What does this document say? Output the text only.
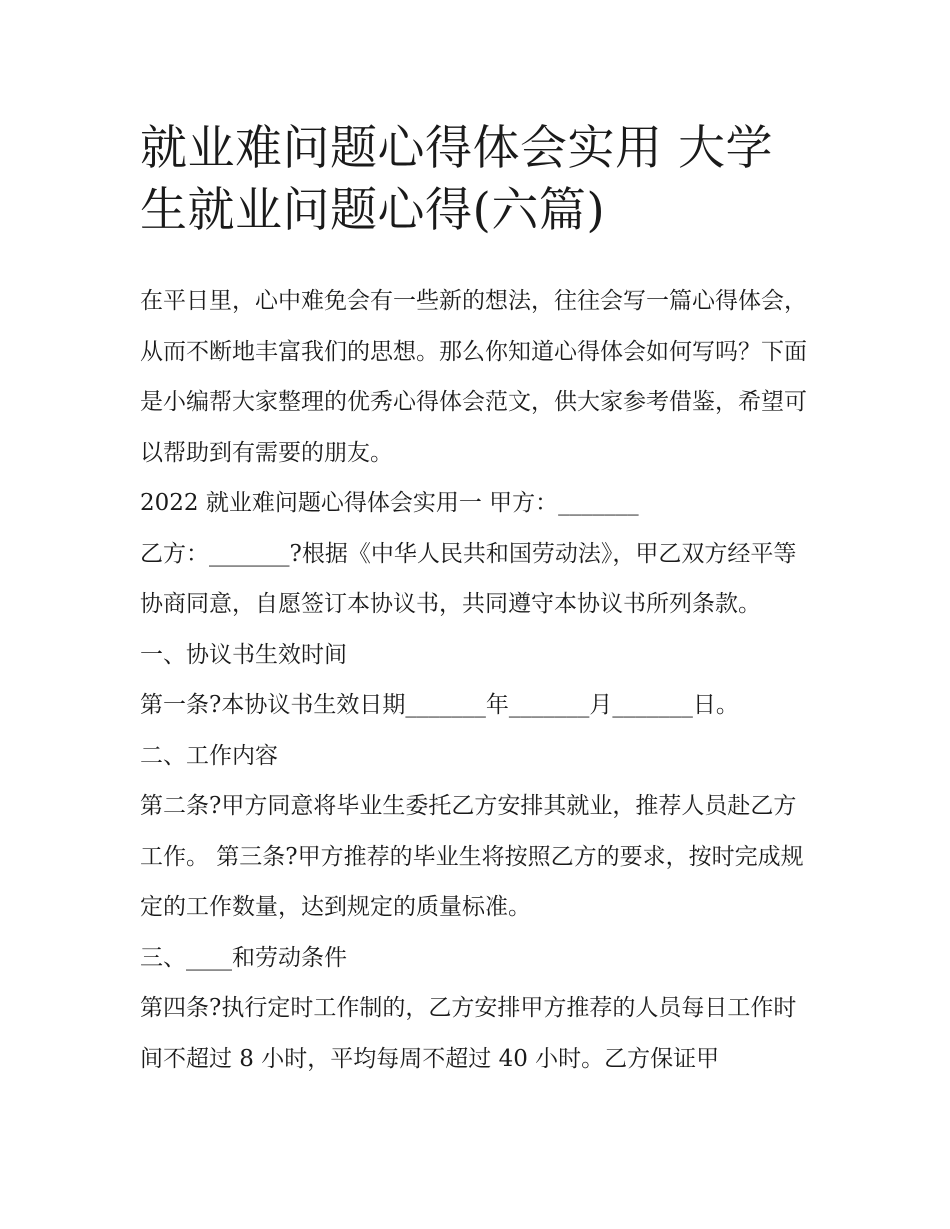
就业难问题心得体会实用 大学生就业问题心得(六篇)

在平日里，心中难免会有一些新的想法，往往会写一篇心得体会，从而不断地丰富我们的思想。那么你知道心得体会如何写吗？下面是小编帮大家整理的优秀心得体会范文，供大家参考借鉴，希望可以帮助到有需要的朋友。

2022 就业难问题心得体会实用一 甲方：_______

乙方：_______?根据《中华人民共和国劳动法》，甲乙双方经平等协商同意，自愿签订本协议书，共同遵守本协议书所列条款。 一、协议书生效时间

第一条?本协议书生效日期_______年_______月_______日。

二、工作内容

第二条?甲方同意将毕业生委托乙方安排其就业，推荐人员赴乙方工作。 第三条?甲方推荐的毕业生将按照乙方的要求，按时完成规定的工作数量，达到规定的质量标准。

三、____和劳动条件

第四条?执行定时工作制的，乙方安排甲方推荐的人员每日工作时间不超过 8 小时，平均每周不超过 40 小时。乙方保证甲
